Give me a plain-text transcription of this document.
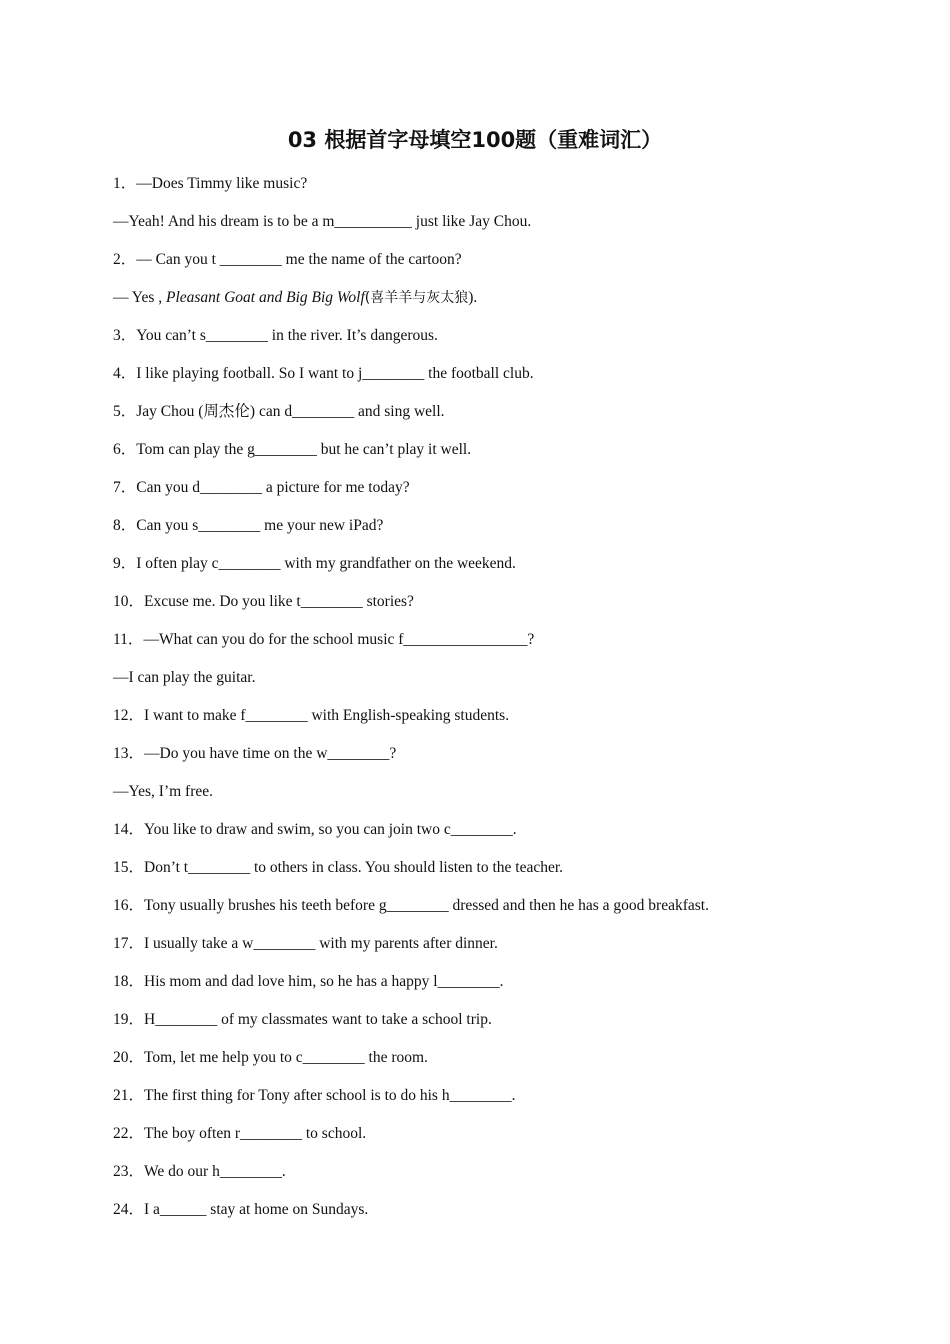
03 根据首字母填空100题（重难词汇）
1．—Does Timmy like music?
—Yeah! And his dream is to be a m__________ just like Jay Chou.
2．— Can you t ________ me the name of the cartoon?
— Yes , Pleasant Goat and Big Big Wolf(喜羊羊与灰太狼).
3．You can’t s________ in the river. It’s dangerous.
4．I like playing football. So I want to j________ the football club.
5．Jay Chou (周杰伦) can d________ and sing well.
6．Tom can play the g________ but he can’t play it well.
7．Can you d________ a picture for me today?
8．Can you s________ me your new iPad?
9．I often play c________ with my grandfather on the weekend.
10．Excuse me. Do you like t________ stories?
11．—What can you do for the school music f________________?
—I can play the guitar.
12．I want to make f________ with English-speaking students.
13．—Do you have time on the w________?
—Yes, I’m free.
14．You like to draw and swim, so you can join two c________.
15．Don’t t________ to others in class. You should listen to the teacher.
16．Tony usually brushes his teeth before g________ dressed and then he has a good breakfast.
17．I usually take a w________ with my parents after dinner.
18．His mom and dad love him, so he has a happy l________.
19．H________ of my classmates want to take a school trip.
20．Tom, let me help you to c________ the room.
21．The first thing for Tony after school is to do his h________.
22．The boy often r________ to school.
23．We do our h________.
24．I a______ stay at home on Sundays.
